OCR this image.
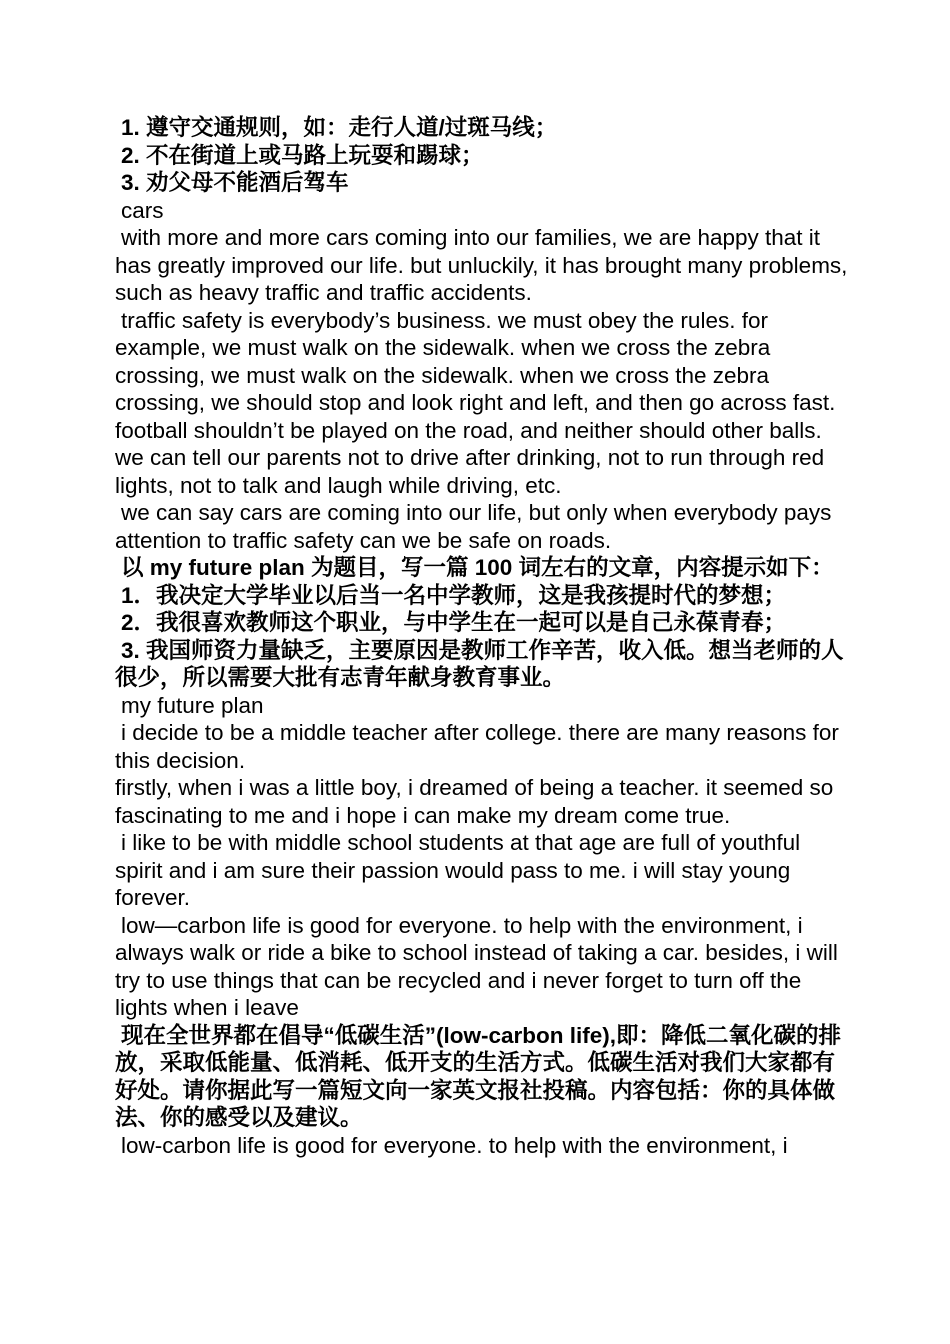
1. 遵守交通规则，如：走行人道/过斑马线；

2. 不在街道上或马路上玩耍和踢球；

3. 劝父母不能酒后驾车

cars

with more and more cars coming into our families, we are happy that it has greatly improved our life. but unluckily, it has brought many problems, such as heavy traffic and traffic accidents.

traffic safety is everybody’s business. we must obey the rules. for example, we must walk on the sidewalk. when we cross the zebra crossing, we must walk on the sidewalk. when we cross the zebra crossing, we should stop and look right and left, and then go across fast. football shouldn’t be played on the road, and neither should other balls. we can tell our parents not to drive after drinking, not to run through red lights, not to talk and laugh while driving, etc.

we can say cars are coming into our life, but only when everybody pays attention to traffic safety can we be safe on roads.

以 my future plan 为题目，写一篇 100 词左右的文章，内容提示如下：

1．我决定大学毕业以后当一名中学教师，这是我孩提时代的梦想；

2．我很喜欢教师这个职业，与中学生在一起可以是自己永葆青春；

3. 我国师资力量缺乏，主要原因是教师工作辛苦，收入低。想当老师的人很少，所以需要大批有志青年献身教育事业。

my future plan

i decide to be a middle teacher after college. there are many reasons for this decision.

firstly, when i was a little boy, i dreamed of being a teacher. it seemed so fascinating to me and i hope i can make my dream come true.

i like to be with middle school students at that age are full of youthful spirit and i am sure their passion would pass to me. i will stay young forever.

low—carbon life is good for everyone. to help with the environment, i always walk or ride a bike to school instead of taking a car. besides, i will try to use things that can be recycled and i never forget to turn off the lights when i leave

现在全世界都在倡导“低碳生活”(low-carbon life),即：降低二氧化碳的排放，采取低能量、低消耗、低开支的生活方式。低碳生活对我们大家都有好处。请你据此写一篇短文向一家英文报社投稿。内容包括：你的具体做法、你的感受以及建议。

low-carbon life is good for everyone. to help with the environment, i
